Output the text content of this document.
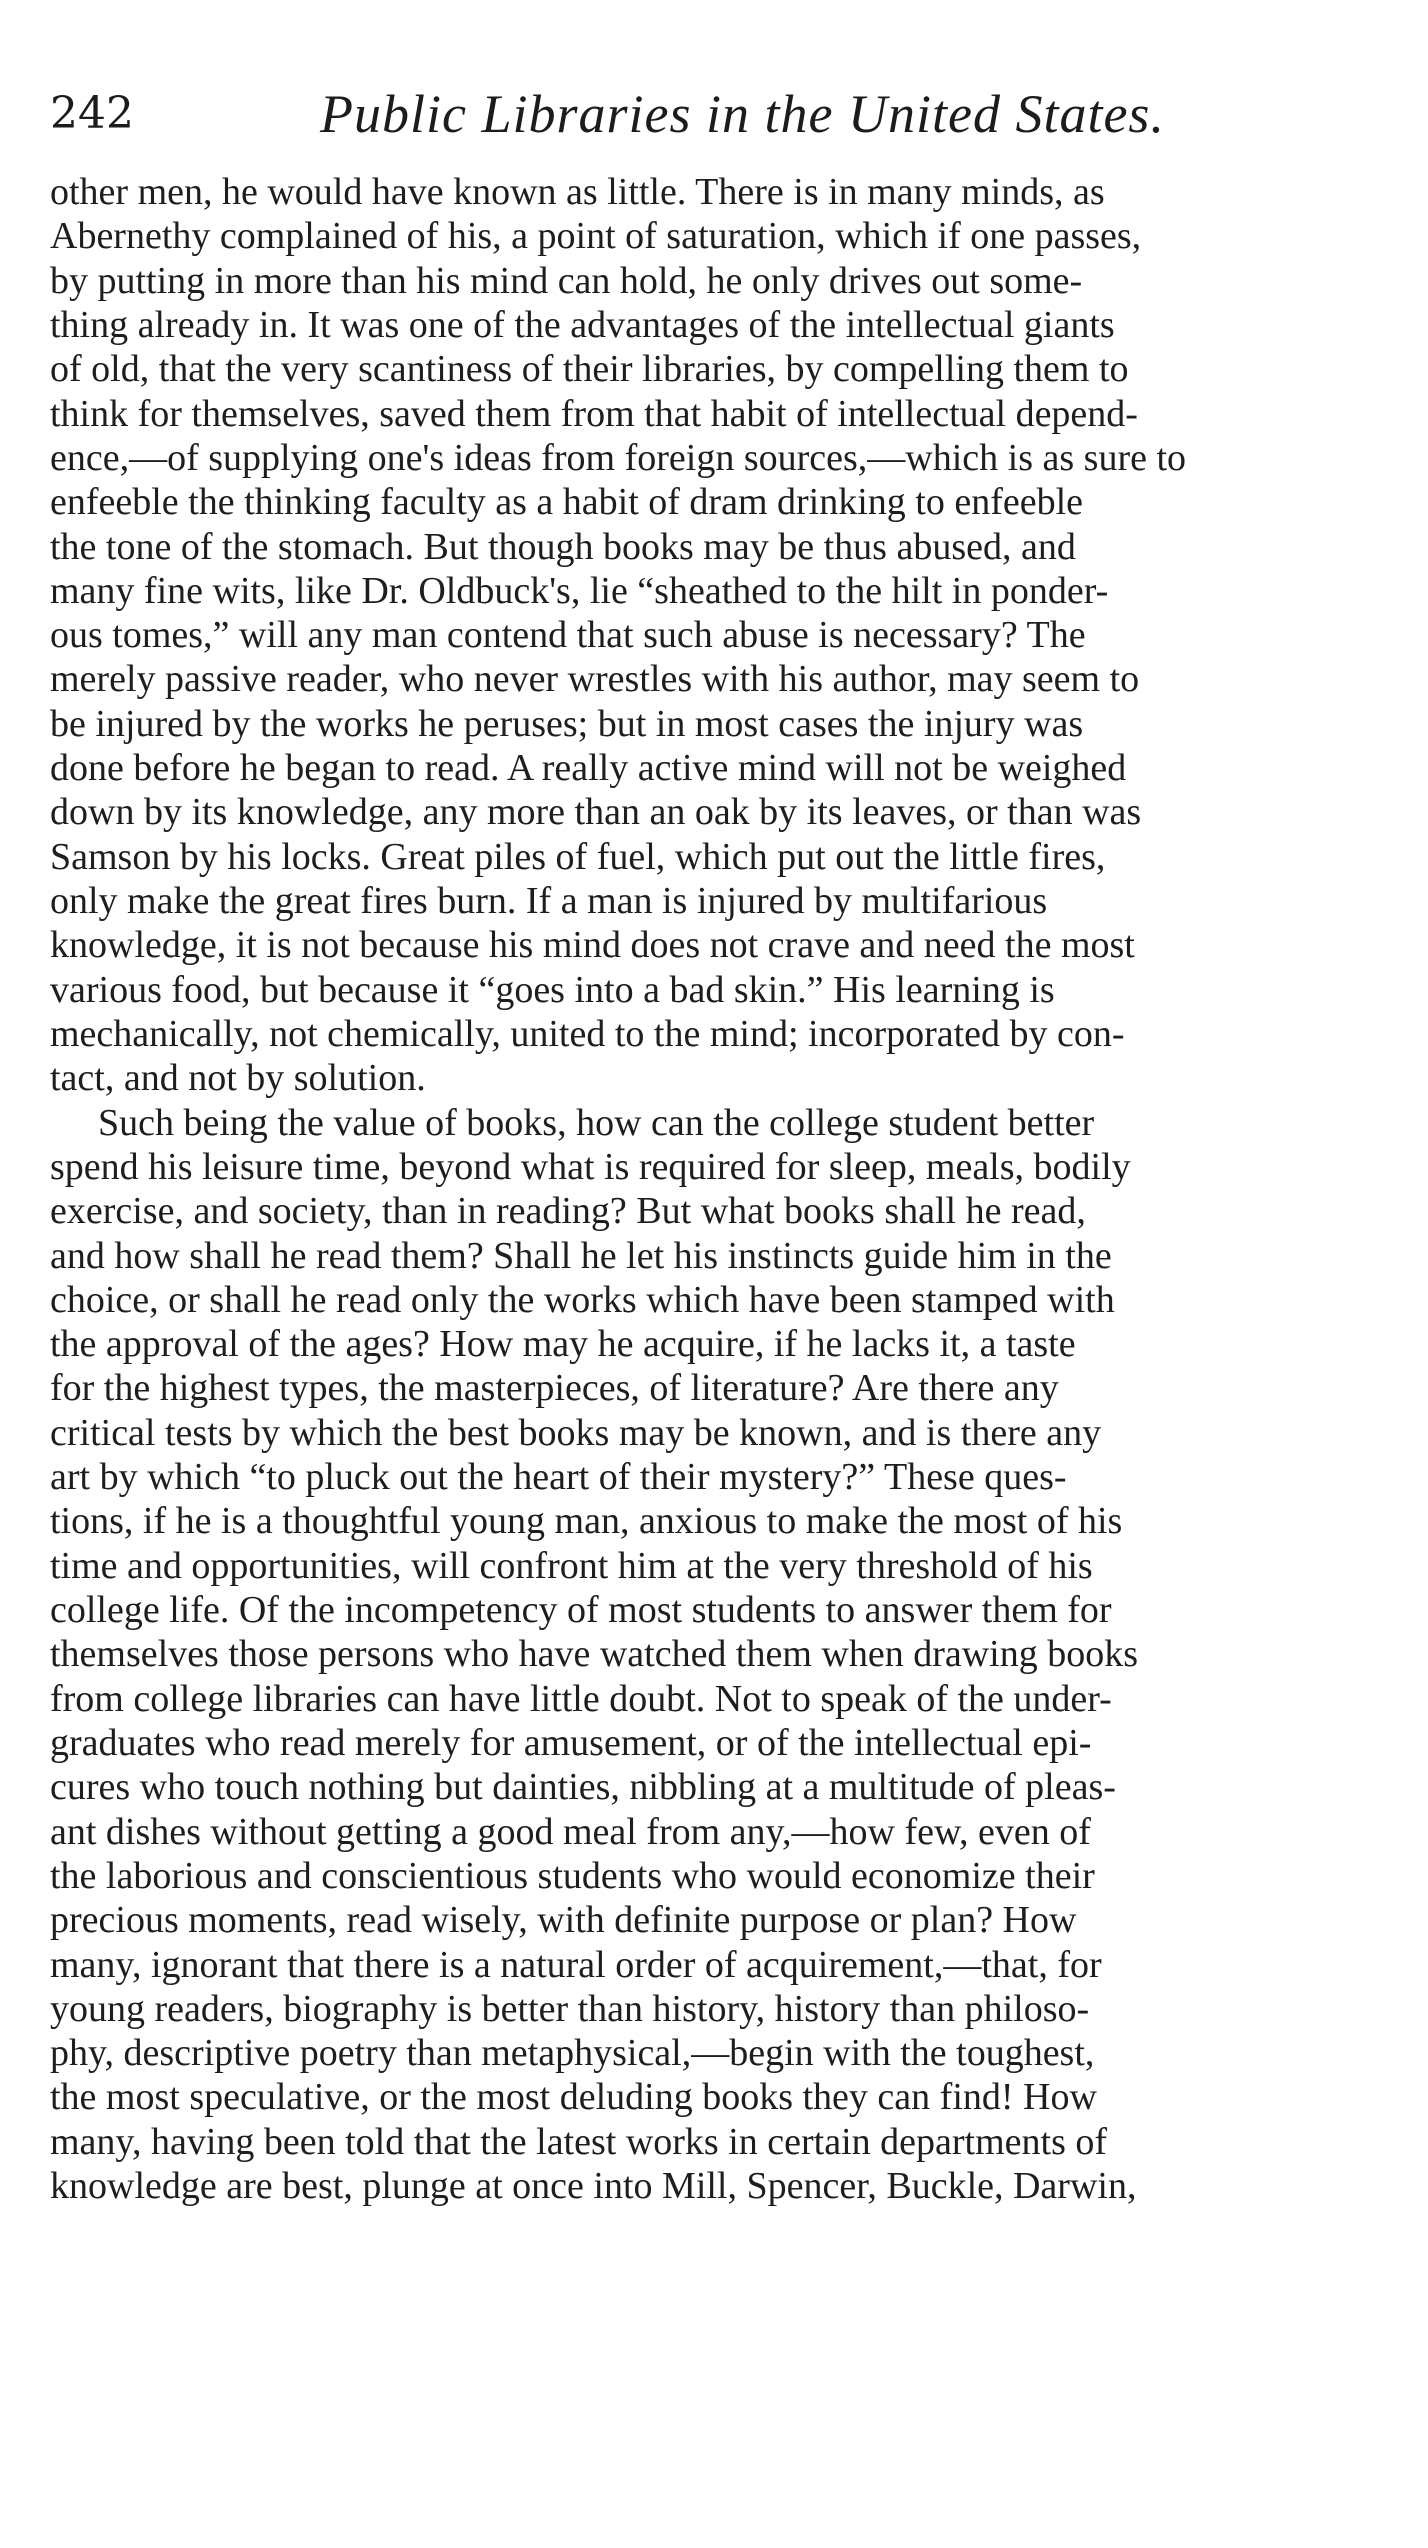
242	Public Libraries in the United States.
other men, he would have known as little. There is in many minds, as
Abernethy complained of his, a point of saturation, which if one passes,
by putting in more than his mind can hold, he only drives out some-
thing already in. It was one of the advantages of the intellectual giants
of old, that the very scantiness of their libraries, by compelling them to
think for themselves, saved them from that habit of intellectual depend-
ence,—of supplying one's ideas from foreign sources,—which is as sure to
enfeeble the thinking faculty as a habit of dram drinking to enfeeble
the tone of the stomach. But though books may be thus abused, and
many fine wits, like Dr. Oldbuck's, lie “sheathed to the hilt in ponder-
ous tomes,” will any man contend that such abuse is necessary? The
merely passive reader, who never wrestles with his author, may seem to
be injured by the works he peruses; but in most cases the injury was
done before he began to read. A really active mind will not be weighed
down by its knowledge, any more than an oak by its leaves, or than was
Samson by his locks. Great piles of fuel, which put out the little fires,
only make the great fires burn. If a man is injured by multifarious
knowledge, it is not because his mind does not crave and need the most
various food, but because it “goes into a bad skin.” His learning is
mechanically, not chemically, united to the mind; incorporated by con-
tact, and not by solution.
Such being the value of books, how can the college student better
spend his leisure time, beyond what is required for sleep, meals, bodily
exercise, and society, than in reading? But what books shall he read,
and how shall he read them? Shall he let his instincts guide him in the
choice, or shall he read only the works which have been stamped with
the approval of the ages? How may he acquire, if he lacks it, a taste
for the highest types, the masterpieces, of literature? Are there any
critical tests by which the best books may be known, and is there any
art by which “to pluck out the heart of their mystery?” These ques-
tions, if he is a thoughtful young man, anxious to make the most of his
time and opportunities, will confront him at the very threshold of his
college life. Of the incompetency of most students to answer them for
themselves those persons who have watched them when drawing books
from college libraries can have little doubt. Not to speak of the under-
graduates who read merely for amusement, or of the intellectual epi-
cures who touch nothing but dainties, nibbling at a multitude of pleas-
ant dishes without getting a good meal from any,—how few, even of
the laborious and conscientious students who would economize their
precious moments, read wisely, with definite purpose or plan? How
many, ignorant that there is a natural order of acquirement,—that, for
young readers, biography is better than history, history than philoso-
phy, descriptive poetry than metaphysical,—begin with the toughest,
the most speculative, or the most deluding books they can find! How
many, having been told that the latest works in certain departments of
knowledge are best, plunge at once into Mill, Spencer, Buckle, Darwin,
